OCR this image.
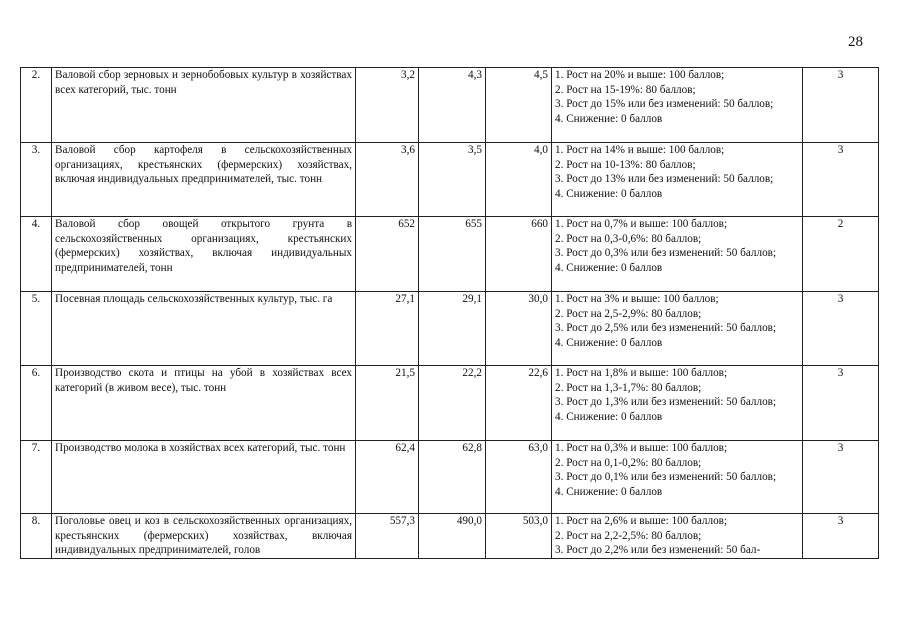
28
2.	Валовой сбор зерновых и зернобобовых культур в хозяйствах всех категорий, тыс. тонн	3,2	4,3	4,5	1. Рост на 20% и выше: 100 баллов;
2. Рост на 15-19%: 80 баллов;
3. Рост до 15% или без изменений: 50 баллов;
4. Снижение: 0 баллов	3
3.	Валовой сбор картофеля в сельскохозяйственных организациях, крестьянских (фермерских) хозяйствах, включая индивидуальных предпринимателей, тыс. тонн	3,6	3,5	4,0	1. Рост на 14% и выше: 100 баллов;
2. Рост на 10-13%: 80 баллов;
3. Рост до 13% или без изменений: 50 баллов;
4. Снижение: 0 баллов	3
4.	Валовой сбор овощей открытого грунта в сельскохозяйственных организациях, крестьянских (фермерских) хозяйствах, включая индивидуальных предпринимателей, тонн	652	655	660	1. Рост на 0,7% и выше: 100 баллов;
2. Рост на 0,3-0,6%: 80 баллов;
3. Рост до 0,3% или без изменений: 50 баллов;
4. Снижение: 0 баллов	2
5.	Посевная площадь сельскохозяйственных культур, тыс. га	27,1	29,1	30,0	1. Рост на 3% и выше: 100 баллов;
2. Рост на 2,5-2,9%: 80 баллов;
3. Рост до 2,5% или без изменений: 50 баллов;
4. Снижение: 0 баллов	3
6.	Производство скота и птицы на убой в хозяйствах всех категорий (в живом весе), тыс. тонн	21,5	22,2	22,6	1. Рост на 1,8% и выше: 100 баллов;
2. Рост на 1,3-1,7%: 80 баллов;
3. Рост до 1,3% или без изменений: 50 баллов;
4. Снижение: 0 баллов	3
7.	Производство молока в хозяйствах всех категорий, тыс. тонн	62,4	62,8	63,0	1. Рост на 0,3% и выше: 100 баллов;
2. Рост на 0,1-0,2%: 80 баллов;
3. Рост до 0,1% или без изменений: 50 баллов;
4. Снижение: 0 баллов	3
8.	Поголовье овец и коз в сельскохозяйственных организациях, крестьянских (фермерских) хозяйствах, включая индивидуальных предпринимателей, голов	557,3	490,0	503,0	1. Рост на 2,6% и выше: 100 баллов;
2. Рост на 2,2-2,5%: 80 баллов;
3. Рост до 2,2% или без изменений: 50 бал-	3
